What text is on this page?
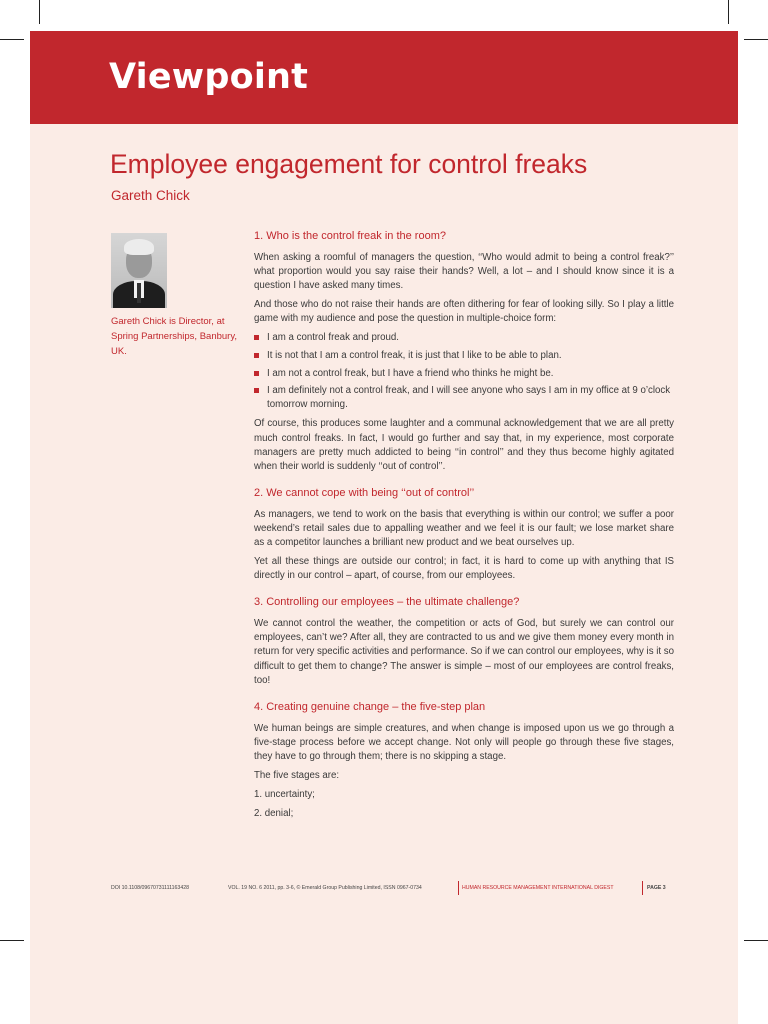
Viewpoint
Employee engagement for control freaks
Gareth Chick
Gareth Chick is Director, at Spring Partnerships, Banbury, UK.
1. Who is the control freak in the room?

When asking a roomful of managers the question, ‘‘Who would admit to being a control freak?’’ what proportion would you say raise their hands? Well, a lot – and I should know since it is a question I have asked many times.

And those who do not raise their hands are often dithering for fear of looking silly. So I play a little game with my audience and pose the question in multiple-choice form:

I am a control freak and proud.
It is not that I am a control freak, it is just that I like to be able to plan.
I am not a control freak, but I have a friend who thinks he might be.
I am definitely not a control freak, and I will see anyone who says I am in my office at 9 o’clock tomorrow morning.

Of course, this produces some laughter and a communal acknowledgement that we are all pretty much control freaks. In fact, I would go further and say that, in my experience, most corporate managers are pretty much addicted to being ‘‘in control’’ and they thus become highly agitated when their world is suddenly ‘‘out of control’’.

2. We cannot cope with being ‘‘out of control’’

As managers, we tend to work on the basis that everything is within our control; we suffer a poor weekend’s retail sales due to appalling weather and we feel it is our fault; we lose market share as a competitor launches a brilliant new product and we beat ourselves up.

Yet all these things are outside our control; in fact, it is hard to come up with anything that IS directly in our control – apart, of course, from our employees.

3. Controlling our employees – the ultimate challenge?

We cannot control the weather, the competition or acts of God, but surely we can control our employees, can’t we? After all, they are contracted to us and we give them money every month in return for very specific activities and performance. So if we can control our employees, why is it so difficult to get them to change? The answer is simple – most of our employees are control freaks, too!

4. Creating genuine change – the five-step plan

We human beings are simple creatures, and when change is imposed upon us we go through a five-stage process before we accept change. Not only will people go through these five stages, they have to go through them; there is no skipping a stage.

The five stages are:

1. uncertainty;

2. denial;

DOI 10.1108/09670731111163428	VOL. 19 NO. 6 2011, pp. 3-6, © Emerald Group Publishing Limited, ISSN 0967-0734	HUMAN RESOURCE MANAGEMENT INTERNATIONAL DIGEST	PAGE 3
